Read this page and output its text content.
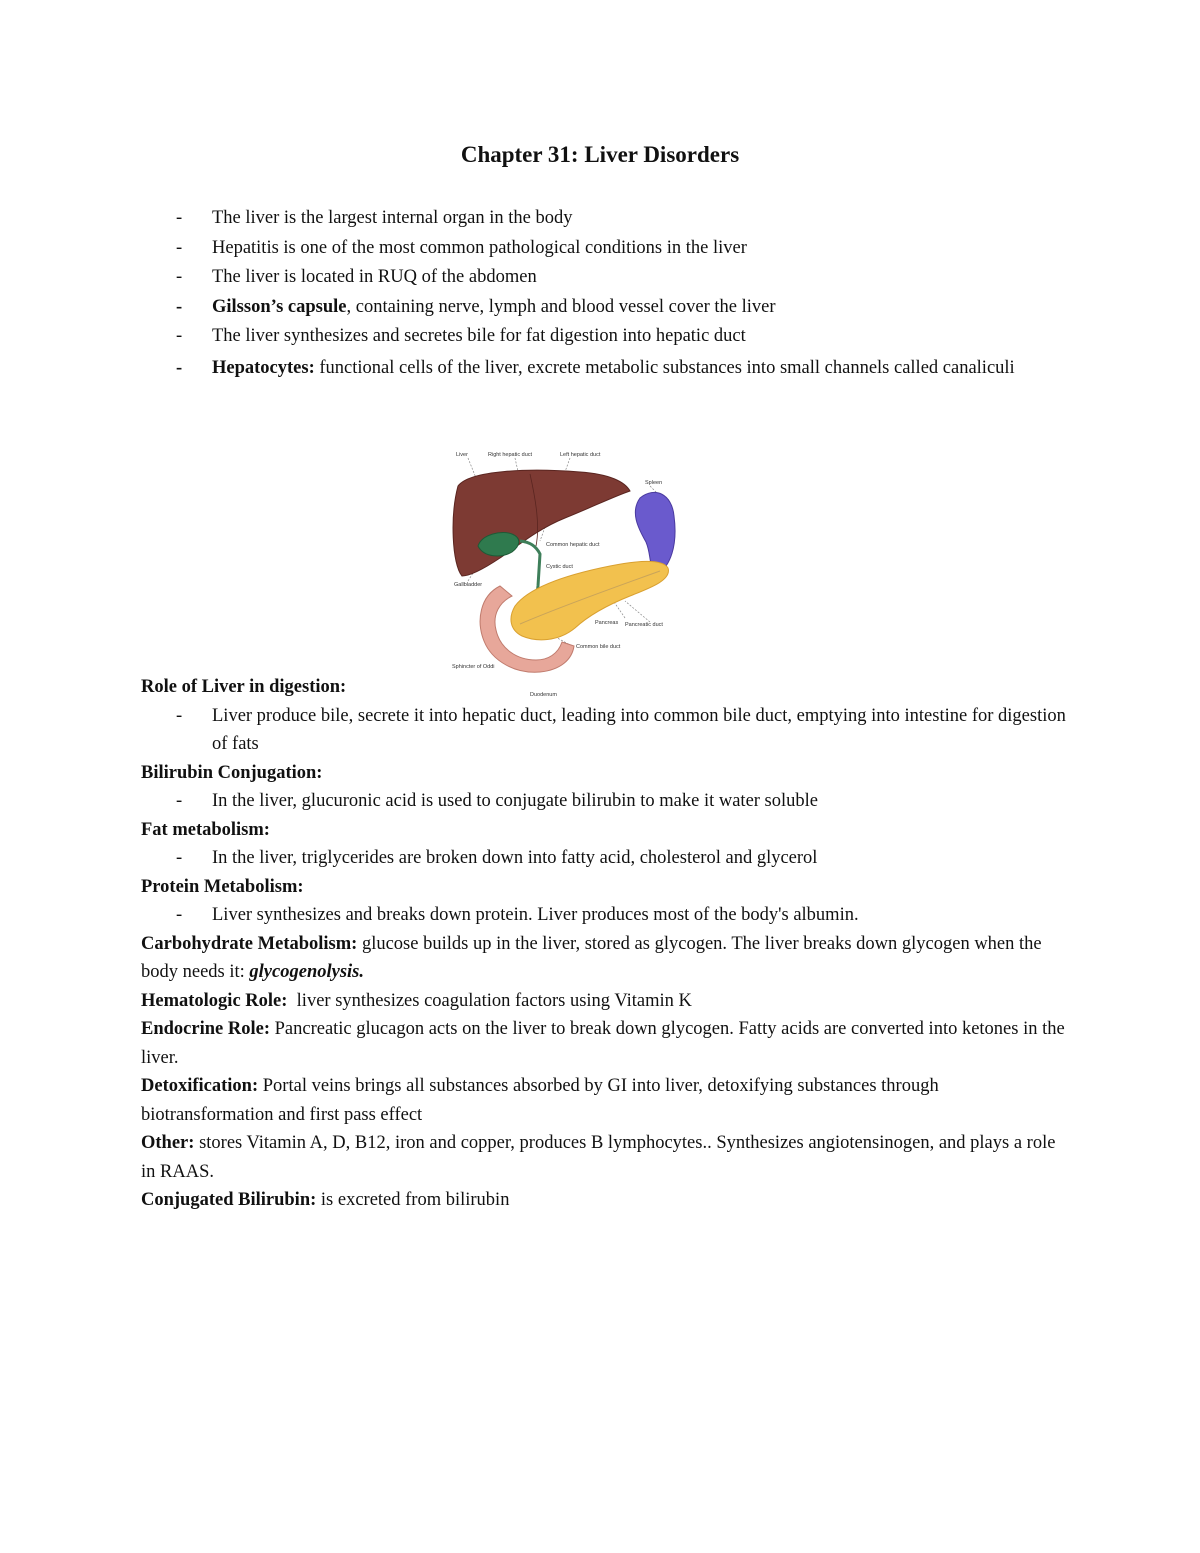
Chapter 31: Liver Disorders
- The liver is the largest internal organ in the body
- Hepatitis is one of the most common pathological conditions in the liver
- The liver is located in RUQ of the abdomen
- Gilsson’s capsule, containing nerve, lymph and blood vessel cover the liver
- The liver synthesizes and secretes bile for fat digestion into hepatic duct
- Hepatocytes: functional cells of the liver, excrete metabolic substances into small channels called canaliculi
Liver	Right hepatic duct	Left hepatic duct
Spleen
Common hepatic duct
Cystic duct
Gallbladder
Pancreas Pancreatic duct
Common bile duct
Sphincter of Oddi
Duodenum
Role of Liver in digestion:
- Liver produce bile, secrete it into hepatic duct, leading into common bile duct, emptying into intestine for digestion of fats
Bilirubin Conjugation:
- In the liver, glucuronic acid is used to conjugate bilirubin to make it water soluble
Fat metabolism:
- In the liver, triglycerides are broken down into fatty acid, cholesterol and glycerol
Protein Metabolism:
- Liver synthesizes and breaks down protein. Liver produces most of the body's albumin.
Carbohydrate Metabolism: glucose builds up in the liver, stored as glycogen. The liver breaks down glycogen when the body needs it: glycogenolysis.
Hematologic Role:  liver synthesizes coagulation factors using Vitamin K
Endocrine Role: Pancreatic glucagon acts on the liver to break down glycogen. Fatty acids are converted into ketones in the liver.
Detoxification: Portal veins brings all substances absorbed by GI into liver, detoxifying substances through biotransformation and first pass effect
Other: stores Vitamin A, D, B12, iron and copper, produces B lymphocytes.. Synthesizes angiotensinogen, and plays a role in RAAS.
Conjugated Bilirubin: is excreted from bilirubin
